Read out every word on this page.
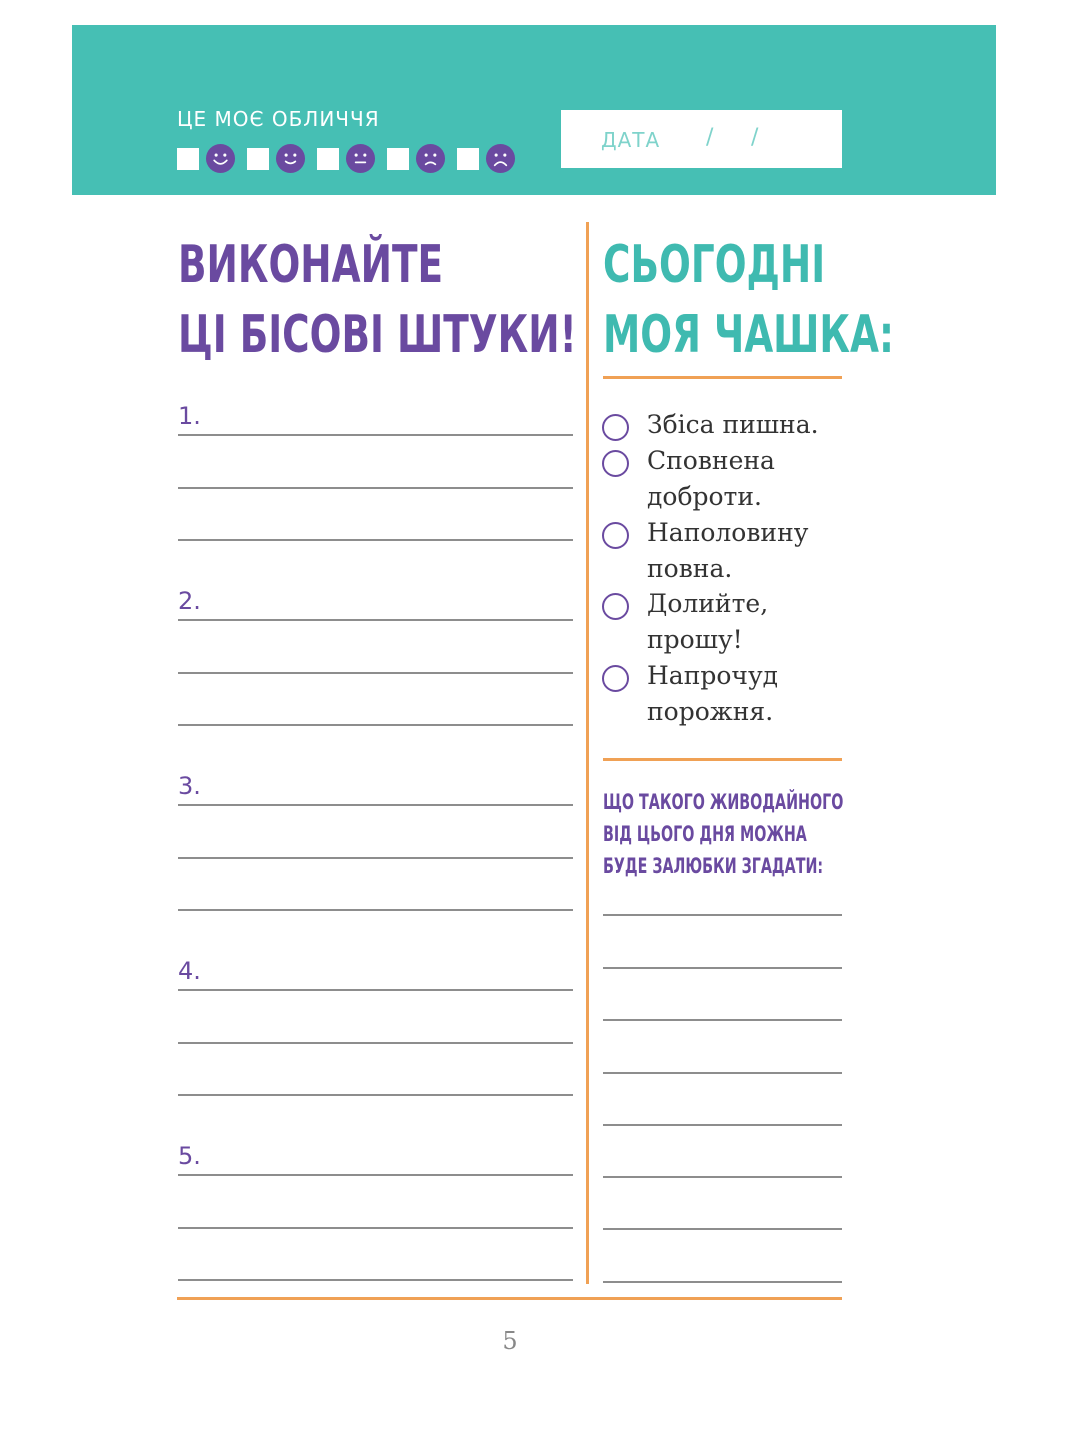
ЦЕ МОЄ ОБЛИЧЧЯ
ДАТА / /
ВИКОНАЙТЕ
ЦІ БІСОВІ ШТУКИ!
СЬОГОДНІ
МОЯ ЧАШКА:
1.
2.
3.
4.
5.
Збіса пишна.
Сповнена доброти.
Наполовину повна.
Долийте, прошу!
Напрочуд порожня.
ЩО ТАКОГО ЖИВОДАЙНОГО
ВІД ЦЬОГО ДНЯ МОЖНА
БУДЕ ЗАЛЮБКИ ЗГАДАТИ:
5
